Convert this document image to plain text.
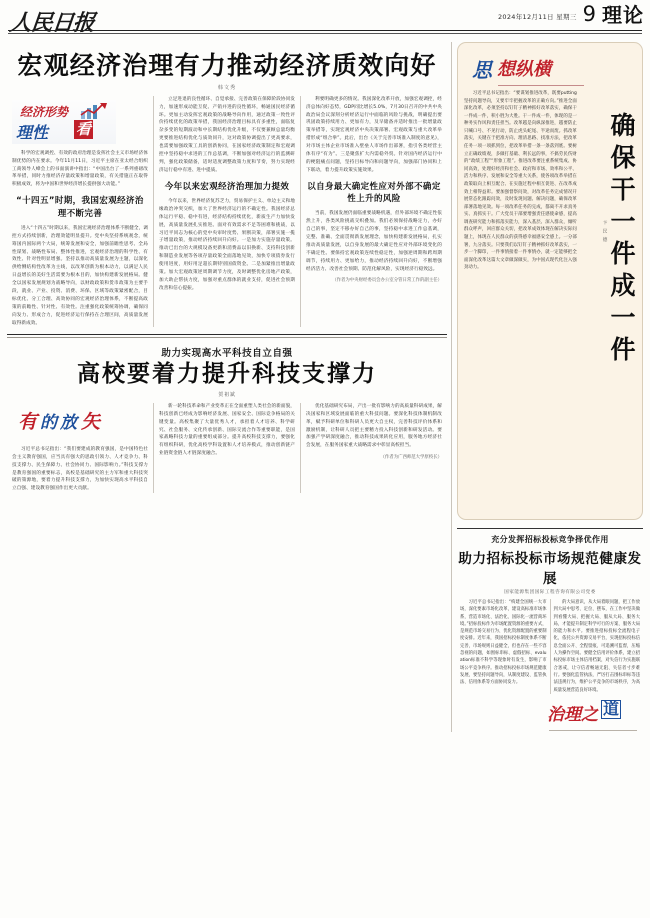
人民日报	2024年12月11日 星期三 9 理论
宏观经济治理有力推动经济质效向好
韩文秀
经济形势
理性 看

科学的宏观调控、有效的政府治理是发挥社会主义市场经济体制优势的内在要求。今年11月11日，习近平主席在亚太经合组织工商领导人峰会上的书面演讲中指出：“中国出台了一系列重磅改革举措，同时力推经济存量政策和增量政策，有关措施正在取得积极成效，将为中国和世界经济增长提供强大动能。”

“十四五”时期，我国宏观经济治理不断完善

进入“十四五”时期以来，我国宏观经济治理体系不断健全，调控方式持续创新，治理效能明显提升。党中央坚持系统观念，统筹国内国际两个大局，统筹发展和安全，加强前瞻性思考、全局性谋划、战略性布局、整体性推进，宏观经济治理的科学性、有效性、针对性明显增强。坚持以推动高质量发展为主题，以深化供给侧结构性改革为主线，以改革创新为根本动力，以满足人民日益增长的美好生活需要为根本目的，加快构建新发展格局。健全以国家发展规划为战略导向，以财政政策和货币政策为主要手段，就业、产业、投资、消费、环保、区域等政策紧密配合，目标优化、分工合理、高效协同的宏观经济治理体系，不断提高政策的前瞻性、针对性、有效性。注重强化政策统筹协调，确保同向发力、形成合力，促进经济运行保持在合理区间，高质量发展取得新成效。

立足进退的良性循环、自觉承接、完善政策在保障阶段协同发力，加速形成动能互促、产销并进的良性循环，畅通国民经济循环。更加主动发挥宏观政策的战略导向作用，通过政策一致性评价持续优化的政策举措，我国经济治理目标具有多重性，面临复杂多变的短期波动和中长期结构优化升级，不仅要兼顾总量均衡更要推进结构优化与质效同升，这对政策协调提出了更高要求，也需要加强政策工具的创新协同，在国家经济政策制定和宏观调控中坚持稳中求进的工作总基调，不断加强对经济运行的监测研判，强化政策储备，适时适度调整政策力度和节奏，努力实现经济运行稳中有进、进中提质。

今年以来宏观经济治理加力提效

今年以来，世界经济复苏乏力，贸易保护主义、单边主义和地缘政治冲突交织，加大了世界经济运行的不确定性。我国经济总体运行平稳、稳中有进，经济结构持续优化，新质生产力加快发展，高质量发展扎实推进。面对有效需求不足等困难和挑战，以习近平同志为核心的党中央审时度势、果断决策，部署实施一揽子增量政策，推动经济持续回升向好。一是加力实施存量政策。推动已出台的大规模设备更新和消费品以旧换新、支持科技创新和制造业发展等各项存量政策全面落地见效，加快专项债券发行使用进度，用好用足超长期特别国债资金。二是加紧推出增量政策。加大宏观政策逆周期调节力度，及时调整优化房地产政策，加大助企帮扶力度，加强对重点群体的就业支持，促进社会预期改善和信心提振。

利要明确更多的情况。我国深化改革开放，加强宏观调控，经济总体向好态势，GDP同比增长5.0%，7月30日召开的中共中央政治局会议深刻分析经济运行中面临的风险与挑战，明确提出要巩固政策持续用力、更加有力，及早储备并适时推出一批增量政策举措等，实现宏观经济中央决策部署、宏观政策与重大改革举措形成“组合拳”。此后，出台《关于完善市场准入制度的意见》，对市场主体企业市场准入壁垒人市场作出部署，指引各类经营主体有序“有为”。三是聚焦扩大内需稳外贸。针对国内经济运行中的梗阻痛点问题，坚持目标导向和问题导向，加强部门协同和上下联动，着力提升政策实施效果。

以自身最大确定性应对外部不确定性上升的风险

当前，我国发展仍面临重要战略机遇，但外部环境不确定性依然上升，各类风险挑战交织叠加。我们必须保持战略定力，办好自己的事，坚定不移办好自己的事，坚持稳中求进工作总基调，完整、准确、全面贯彻新发展理念，加快构建新发展格局，扎实推动高质量发展，以自身发展的最大确定性应对外部环境变化的不确定性。要保持宏观政策连续性稳定性，加强逆周期和跨周期调节，持续用力、更加给力，推动经济持续回升向好，不断增强经济活力、改善社会预期、防范化解风险，实现经济行稳致远。

（作者为中央财经委员会办公室分管日常工作的副主任）
助力实现高水平科技自立自强
高校要着力提升科技支撑力
贺祖斌
有 的 放 矢

习近平总书记指出：“我们要建成的教育强国，是中国特色社会主义教育强国，应当具有强大的思政引领力、人才竞争力、科技支撑力、民生保障力、社会协同力、国际影响力。”科技支撑力是教育强国的重要标志，高校是基础研究的主力军和重大科技突破的策源地，要着力提升科技支撑力，为加快实现高水平科技自立自强、建设教育强国作出更大贡献。

新一轮科技革命和产业变革正在全面重塑人类社会的新面貌，科技创新已经成为影响经济发展、国家安全、国际竞争格局的关键变量。高校集聚了大量优秀人才，承担着人才培养、科学研究、社会服务、文化传承创新、国际交流合作等重要职能，是国家战略科技力量的重要组成部分。提升高校科技支撑力，要强化有组织科研，优化高校学科设置和人才培养模式，推动创新链产业链资金链人才链深度融合。

优化基础研究布局，产出一批有影响力的高质量科研成果，解决国家和区域发展面临的重大科技问题。要深化科技体制机制改革，赋予科研单位和科研人员更大自主权，完善科技评价体系和激励机制，让科研人员把主要精力投入科技创新和研发活动。要加强产学研深度融合，推动科技成果转化应用，服务地方经济社会发展，在服务国家重大战略需求中彰显高校担当。

（作者为广西师范大学原校长）
思 想纵横

习近平总书记指出：“要谋划推进改革，既要putting坚持问题导向，又要牢牢把握改革的正确方向。”推进全面深化改革，必须坚持以钉钉子精神抓好改革落实，确保干一件成一件，积小胜为大胜。干一件成一件，体现的是一种务实作风和责任担当。改革越是向纵深推进，越要防止只喊口号、不见行动，防止虎头蛇尾、半途而废。抓改革落实，关键在于把准方向、理清思路、找准方法，把改革任务一项一项抓到位，把改革举措一条一条落到底。要树立正确政绩观，多做打基础、利长远的事，不搞劳民伤财的“政绩工程”“形象工程”。推进改革要注重系统集成、协同高效，处理好经济和社会、政府和市场、效率和公平、活力和秩序、发展和安全等重大关系，使各项改革举措在政策取向上相互配合、在实施过程中相互促进、在改革成效上相得益彰。要加强督察问效，对改革任务完成情况开展常态化跟踪问效，及时发现问题、解决问题，确保改革部署落地见效。每一项改革任务的完成，都离不开求真务实、真抓实干。广大党员干部要增强责任感使命感，提高调查研究能力和抓落实能力，深入基层、深入群众，倾听群众呼声，回应群众关切，把改革成效体现在解决实际问题上，体现在人民群众的获得感幸福感安全感上。一分部署，九分落实。只要我们以钉钉子精神抓好改革落实，一步一个脚印，一件事情接着一件事情办，就一定能够把全面深化改革这篇大文章做深做实，为中国式现代化注入强劲动力。

卞 民 德 确保干一件成一件
充分发挥招标投标竞争择优作用
助力招标投标市场规范健康发展
国家能源集团国际工程咨询有限公司党委

习近平总书记指出：“构建全国统一大市场，深化要素市场化改革，建设高标准市场体系，营造市场化、法治化、国际化一流营商环境。”招标投标作为市场配置资源的重要方式，是规范市场交易行为、优化资源配置的重要制度安排。近年来，我国招标投标制度体系不断完善，市场规则日益健全，但也存在一些不容忽视的问题，如围标串标、虚假招标、evaluation标准不科学等现象时有发生，影响了市场公平竞争秩序。推动招标投标市场规范健康发展，要坚持问题导向，从制度建设、监管执法、信用体系等方面协同发力。

的大局意识，从大局着眼问题，把工作放到大局中思考、定位、摆布，在工作中坚决做到看懂大局、把握大局、服从大局、服务大局，才能提升制定科学可行的方案、服务大局的能力和水平。要推进招标投标全流程电子化，依托公共资源交易平台，实现招标投标信息全面公开、全程留痕、可追溯可监督，压缩人为操作空间。要健全信用评价体系，建立招标投标市场主体信用档案，对失信行为实施联合惩戒，让守信者畅通无阻、失信者寸步难行。要强化监管执法，严厉打击围标串标等违法违规行为，维护公平竞争的市场秩序，为高质量发展营造良好环境。

治理之 道
